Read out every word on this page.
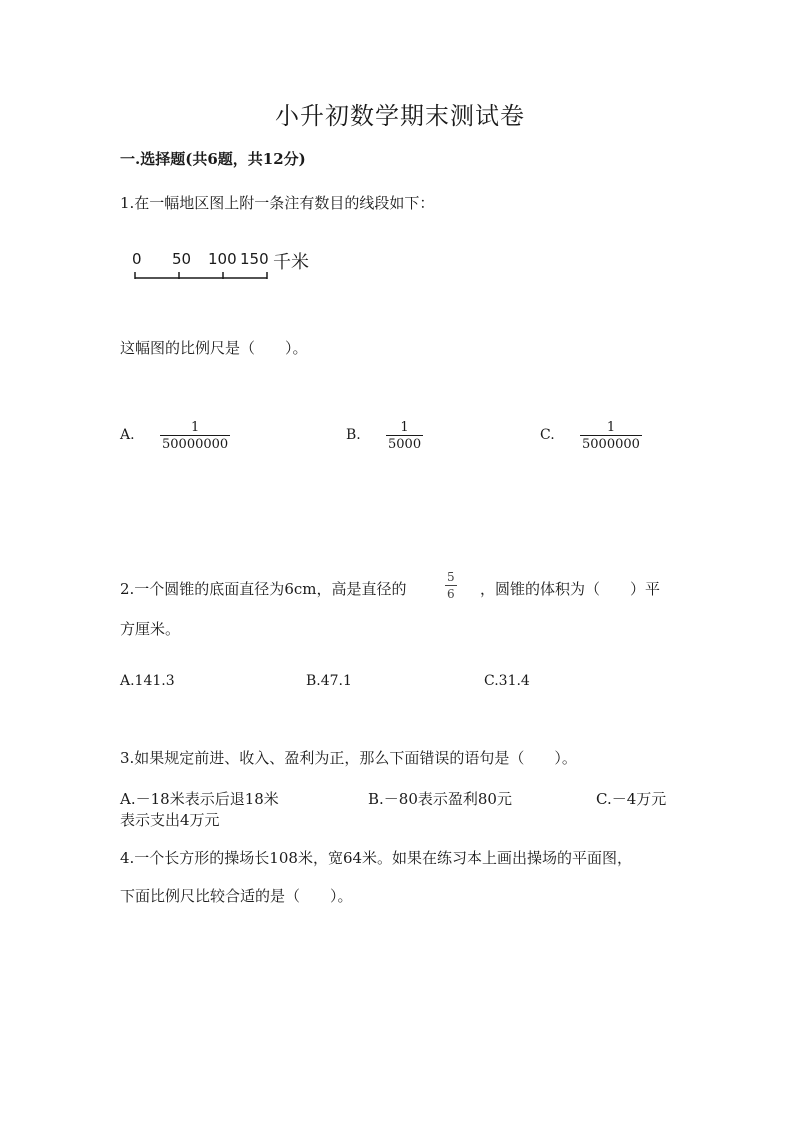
小升初数学期末测试卷
一.选择题(共6题，共12分)
1.在一幅地区图上附一条注有数目的线段如下：
0 50 100 150 千米
这幅图的比例尺是（　　）。
A. $\frac{1}{50000000}$	B. $\frac{1}{5000}$	C. $\frac{1}{5000000}$
2.一个圆锥的底面直径为6cm，高是直径的	$\frac{5}{6}$ ，圆锥的体积为（　　）平
方厘米。
A.141.3	B.47.1	C.31.4
3.如果规定前进、收入、盈利为正，那么下面错误的语句是（　　）。
A.－18米表示后退18米	B.－80表示盈利80元	C.－4万元
表示支出4万元
4.一个长方形的操场长108米，宽64米。如果在练习本上画出操场的平面图，
下面比例尺比较合适的是（　　）。
